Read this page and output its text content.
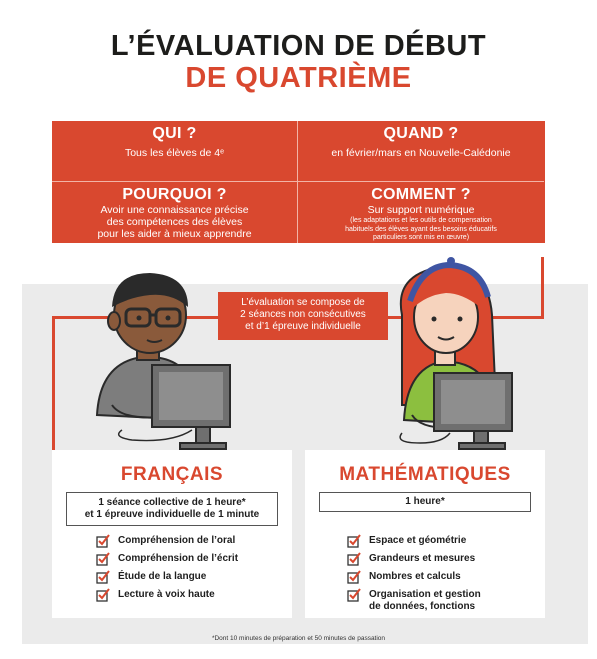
L’ÉVALUATION DE DÉBUT
DE QUATRIÈME
QUI ?

Tous les élèves de 4ᵉ

QUAND ?

en février/mars en Nouvelle-Calédonie

POURQUOI ?

Avoir une connaissance précise

des compétences des élèves

pour les aider à mieux apprendre

COMMENT ?

Sur support numérique

(les adaptations et les outils de compensation

habituels des élèves ayant des besoins éducatifs

particuliers sont mis en œuvre)

L’évaluation se compose de
2 séances non consécutives
et d’1 épreuve individuelle
FRANÇAIS
1 séance collective de 1 heure*
et 1 épreuve individuelle de 1 minute
Compréhension de l’oral
Compréhension de l’écrit
Étude de la langue
Lecture à voix haute
MATHÉMATIQUES
1 heure*
Espace et géométrie
Grandeurs et mesures
Nombres et calculs
Organisation et gestion
de données, fonctions
*Dont 10 minutes de préparation et 50 minutes de passation
